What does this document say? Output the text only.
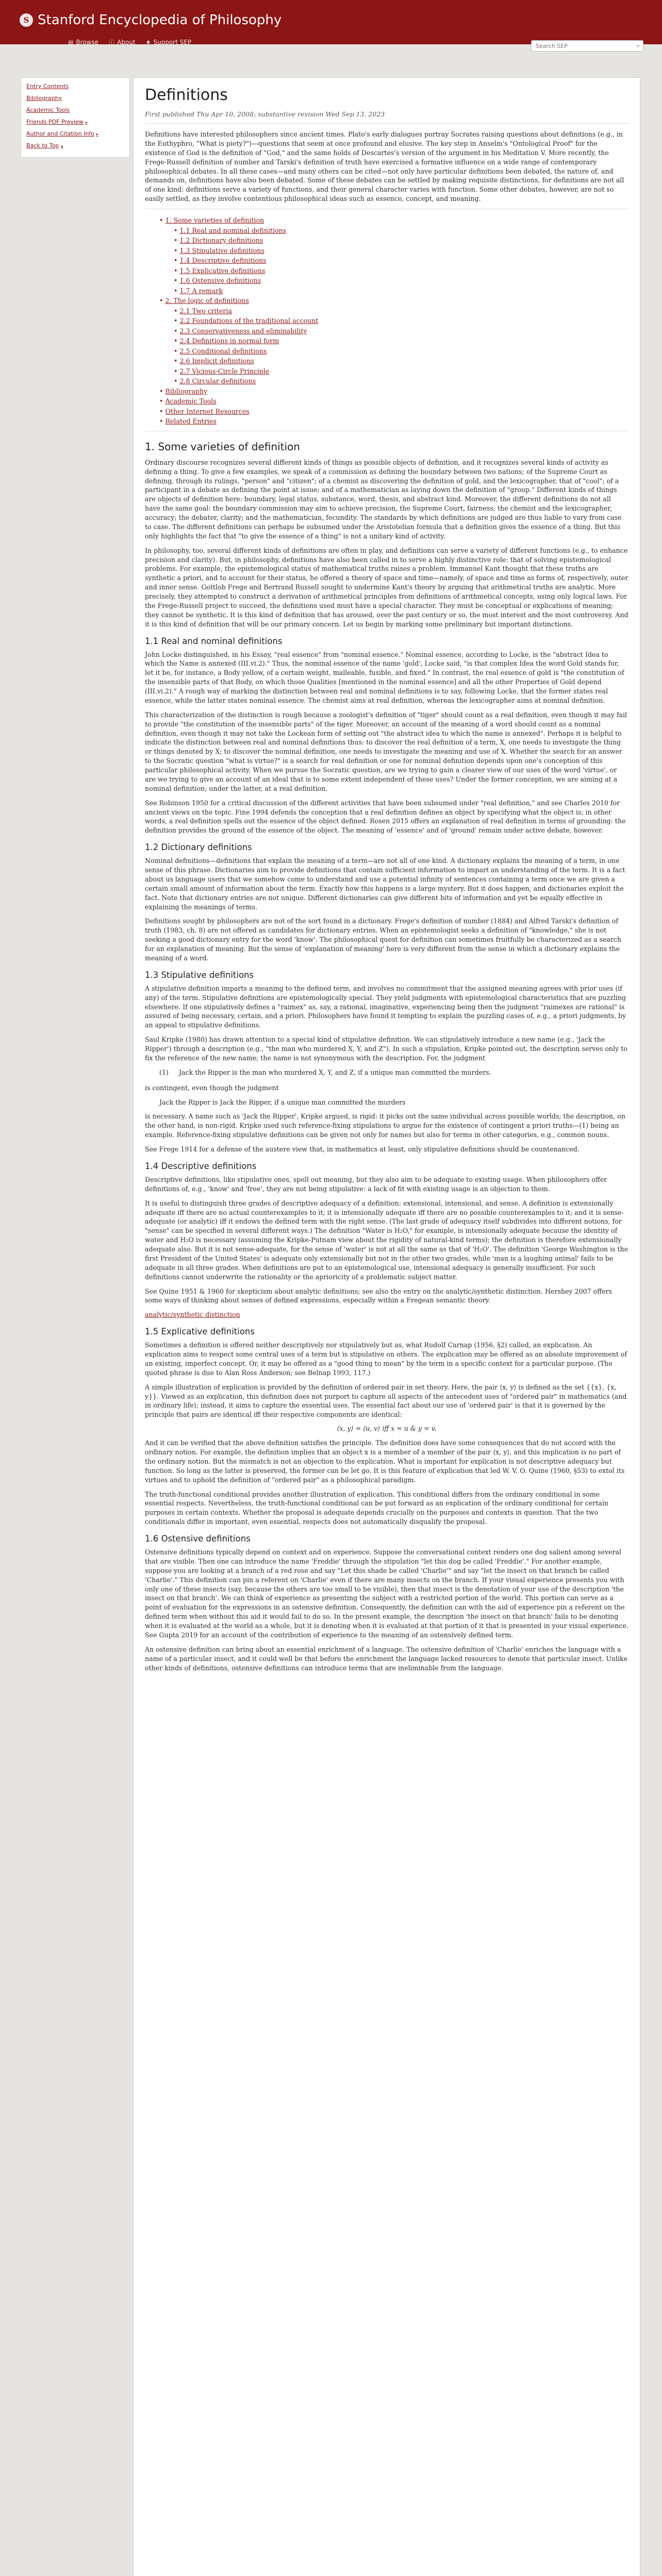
S Stanford Encyclopedia of Philosophy
▤ Browse ⓘ About ♦ Support SEP
Search SEP	⌕
Entry Contents
Bibliography
Academic Tools
Friends PDF Preview ▸
Author and Citation Info ▸
Back to Top ▴
Definitions
First published Thu Apr 10, 2008; substantive revision Wed Sep 13, 2023

Definitions have interested philosophers since ancient times. Plato's early dialogues portray Socrates raising questions about definitions (e.g., in the Euthyphro, "What is piety?")—questions that seem at once profound and elusive. The key step in Anselm's "Ontological Proof" for the existence of God is the definition of "God," and the same holds of Descartes's version of the argument in his Meditation V. More recently, the Frege-Russell definition of number and Tarski's definition of truth have exercised a formative influence on a wide range of contemporary philosophical debates. In all these cases—and many others can be cited—not only have particular definitions been debated, the nature of, and demands on, definitions have also been debated. Some of these debates can be settled by making requisite distinctions, for definitions are not all of one kind: definitions serve a variety of functions, and their general character varies with function. Some other debates, however, are not so easily settled, as they involve contentious philosophical ideas such as essence, concept, and meaning.

• 1. Some varieties of definition
• 1.1 Real and nominal definitions
• 1.2 Dictionary definitions
• 1.3 Stipulative definitions
• 1.4 Descriptive definitions
• 1.5 Explicative definitions
• 1.6 Ostensive definitions
• 1.7 A remark
• 2. The logic of definitions
• 2.1 Two criteria
• 2.2 Foundations of the traditional account
• 2.3 Conservativeness and eliminability
• 2.4 Definitions in normal form
• 2.5 Conditional definitions
• 2.6 Implicit definitions
• 2.7 Vicious-Circle Principle
• 2.8 Circular definitions
• Bibliography
• Academic Tools
• Other Internet Resources
• Related Entries
1. Some varieties of definition

Ordinary discourse recognizes several different kinds of things as possible objects of definition, and it recognizes several kinds of activity as defining a thing. To give a few examples, we speak of a commission as defining the boundary between two nations; of the Supreme Court as defining, through its rulings, "person" and "citizen"; of a chemist as discovering the definition of gold, and the lexicographer, that of "cool"; of a participant in a debate as defining the point at issue; and of a mathematician as laying down the definition of "group." Different kinds of things are objects of definition here: boundary, legal status, substance, word, thesis, and abstract kind. Moreover, the different definitions do not all have the same goal: the boundary commission may aim to achieve precision, the Supreme Court, fairness; the chemist and the lexicographer, accuracy; the debater, clarity; and the mathematician, fecundity. The standards by which definitions are judged are thus liable to vary from case to case. The different definitions can perhaps be subsumed under the Aristotelian formula that a definition gives the essence of a thing. But this only highlights the fact that "to give the essence of a thing" is not a unitary kind of activity.

In philosophy, too, several different kinds of definitions are often in play, and definitions can serve a variety of different functions (e.g., to enhance precision and clarity). But, in philosophy, definitions have also been called in to serve a highly distinctive role: that of solving epistemological problems. For example, the epistemological status of mathematical truths raises a problem. Immanuel Kant thought that these truths are synthetic a priori, and to account for their status, he offered a theory of space and time—namely, of space and time as forms of, respectively, outer and inner sense. Gottlob Frege and Bertrand Russell sought to undermine Kant's theory by arguing that arithmetical truths are analytic. More precisely, they attempted to construct a derivation of arithmetical principles from definitions of arithmetical concepts, using only logical laws. For the Frege-Russell project to succeed, the definitions used must have a special character. They must be conceptual or explications of meaning; they cannot be synthetic. It is this kind of definition that has aroused, over the past century or so, the most interest and the most controversy. And it is this kind of definition that will be our primary concern. Let us begin by marking some preliminary but important distinctions.

1.1 Real and nominal definitions

John Locke distinguished, in his Essay, "real essence" from "nominal essence." Nominal essence, according to Locke, is the "abstract Idea to which the Name is annexed (III.vi.2)." Thus, the nominal essence of the name 'gold', Locke said, "is that complex Idea the word Gold stands for, let it be, for instance, a Body yellow, of a certain weight, malleable, fusible, and fixed." In contrast, the real essence of gold is "the constitution of the insensible parts of that Body, on which those Qualities [mentioned in the nominal essence] and all the other Properties of Gold depend (III.vi.2)." A rough way of marking the distinction between real and nominal definitions is to say, following Locke, that the former states real essence, while the latter states nominal essence. The chemist aims at real definition, whereas the lexicographer aims at nominal definition.

This characterization of the distinction is rough because a zoologist's definition of "tiger" should count as a real definition, even though it may fail to provide "the constitution of the insensible parts" of the tiger. Moreover, an account of the meaning of a word should count as a nominal definition, even though it may not take the Lockean form of setting out "the abstract idea to which the name is annexed". Perhaps it is helpful to indicate the distinction between real and nominal definitions thus: to discover the real definition of a term, X, one needs to investigate the thing or things denoted by X; to discover the nominal definition, one needs to investigate the meaning and use of X. Whether the search for an answer to the Socratic question "what is virtue?" is a search for real definition or one for nominal definition depends upon one's conception of this particular philosophical activity. When we pursue the Socratic question, are we trying to gain a clearer view of our uses of the word 'virtue', or are we trying to give an account of an ideal that is to some extent independent of these uses? Under the former conception, we are aiming at a nominal definition; under the latter, at a real definition.

See Robinson 1950 for a critical discussion of the different activities that have been subsumed under "real definition," and see Charles 2010 for ancient views on the topic. Fine 1994 defends the conception that a real definition defines an object by specifying what the object is; in other words, a real definition spells out the essence of the object defined. Rosen 2015 offers an explanation of real definition in terms of grounding: the definition provides the ground of the essence of the object. The meaning of 'essence' and of 'ground' remain under active debate, however.

1.2 Dictionary definitions

Nominal definitions—definitions that explain the meaning of a term—are not all of one kind. A dictionary explains the meaning of a term, in one sense of this phrase. Dictionaries aim to provide definitions that contain sufficient information to impart an understanding of the term. It is a fact about us language users that we somehow come to understand and use a potential infinity of sentences containing a term once we are given a certain small amount of information about the term. Exactly how this happens is a large mystery. But it does happen, and dictionaries exploit the fact. Note that dictionary entries are not unique. Different dictionaries can give different bits of information and yet be equally effective in explaining the meanings of terms.

Definitions sought by philosophers are not of the sort found in a dictionary. Frege's definition of number (1884) and Alfred Tarski's definition of truth (1983, ch. 8) are not offered as candidates for dictionary entries. When an epistemologist seeks a definition of "knowledge," she is not seeking a good dictionary entry for the word 'know'. The philosophical quest for definition can sometimes fruitfully be characterized as a search for an explanation of meaning. But the sense of 'explanation of meaning' here is very different from the sense in which a dictionary explains the meaning of a word.

1.3 Stipulative definitions

A stipulative definition imparts a meaning to the defined term, and involves no commitment that the assigned meaning agrees with prior uses (if any) of the term. Stipulative definitions are epistemologically special. They yield judgments with epistemological characteristics that are puzzling elsewhere. If one stipulatively defines a "raimex" as, say, a rational, imaginative, experiencing being then the judgment "raimexes are rational" is assured of being necessary, certain, and a priori. Philosophers have found it tempting to explain the puzzling cases of, e.g., a priori judgments, by an appeal to stipulative definitions.

Saul Kripke (1980) has drawn attention to a special kind of stipulative definition. We can stipulatively introduce a new name (e.g., 'Jack the Ripper') through a description (e.g., "the man who murdered X, Y, and Z"). In such a stipulation, Kripke pointed out, the description serves only to fix the reference of the new name; the name is not synonymous with the description. For, the judgment

(1) Jack the Ripper is the man who murdered X, Y, and Z, if a unique man committed the murders.

is contingent, even though the judgment

Jack the Ripper is Jack the Ripper, if a unique man committed the murders

is necessary. A name such as 'Jack the Ripper', Kripke argued, is rigid: it picks out the same individual across possible worlds; the description, on the other hand, is non-rigid. Kripke used such reference-fixing stipulations to argue for the existence of contingent a priori truths—(1) being an example. Reference-fixing stipulative definitions can be given not only for names but also for terms in other categories, e.g., common nouns.

See Frege 1914 for a defense of the austere view that, in mathematics at least, only stipulative definitions should be countenanced.

1.4 Descriptive definitions

Descriptive definitions, like stipulative ones, spell out meaning, but they also aim to be adequate to existing usage. When philosophers offer definitions of, e.g., 'know' and 'free', they are not being stipulative: a lack of fit with existing usage is an objection to them.

It is useful to distinguish three grades of descriptive adequacy of a definition: extensional, intensional, and sense. A definition is extensionally adequate iff there are no actual counterexamples to it; it is intensionally adequate iff there are no possible counterexamples to it; and it is sense-adequate (or analytic) iff it endows the defined term with the right sense. (The last grade of adequacy itself subdivides into different notions, for "sense" can be specified in several different ways.) The definition "Water is H₂O," for example, is intensionally adequate because the identity of water and H₂O is necessary (assuming the Kripke-Putnam view about the rigidity of natural-kind terms); the definition is therefore extensionally adequate also. But it is not sense-adequate, for the sense of 'water' is not at all the same as that of 'H₂O'. The definition 'George Washington is the first President of the United States' is adequate only extensionally but not in the other two grades, while 'man is a laughing animal' fails to be adequate in all three grades. When definitions are put to an epistemological use, intensional adequacy is generally insufficient. For such definitions cannot underwrite the rationality or the aprioricity of a problematic subject matter.

See Quine 1951 & 1960 for skepticism about analytic definitions; see also the entry on the analytic/synthetic distinction. Hershey 2007 offers some ways of thinking about senses of defined expressions, especially within a Fregean semantic theory.

analytic/synthetic distinction

1.5 Explicative definitions

Sometimes a definition is offered neither descriptively nor stipulatively but as, what Rudolf Carnap (1956, §2) called, an explication. An explication aims to respect some central uses of a term but is stipulative on others. The explication may be offered as an absolute improvement of an existing, imperfect concept. Or, it may be offered as a "good thing to mean" by the term in a specific context for a particular purpose. (The quoted phrase is due to Alan Ross Anderson; see Belnap 1993, 117.)

A simple illustration of explication is provided by the definition of ordered pair in set theory. Here, the pair ⟨x, y⟩ is defined as the set {{x}, {x, y}}. Viewed as an explication, this definition does not purport to capture all aspects of the antecedent uses of "ordered pair" in mathematics (and in ordinary life); instead, it aims to capture the essential uses. The essential fact about our use of 'ordered pair' is that it is governed by the principle that pairs are identical iff their respective components are identical:

⟨x, y⟩ = ⟨u, v⟩ iff x = u & y = v.

And it can be verified that the above definition satisfies the principle. The definition does have some consequences that do not accord with the ordinary notion. For example, the definition implies that an object x is a member of a member of the pair ⟨x, y⟩, and this implication is no part of the ordinary notion. But the mismatch is not an objection to the explication. What is important for explication is not descriptive adequacy but function. So long as the latter is preserved, the former can be let go. It is this feature of explication that led W. V. O. Quine (1960, §53) to extol its virtues and to uphold the definition of "ordered pair" as a philosophical paradigm.

The truth-functional conditional provides another illustration of explication. This conditional differs from the ordinary conditional in some essential respects. Nevertheless, the truth-functional conditional can be put forward as an explication of the ordinary conditional for certain purposes in certain contexts. Whether the proposal is adequate depends crucially on the purposes and contexts in question. That the two conditionals differ in important, even essential, respects does not automatically disqualify the proposal.

1.6 Ostensive definitions

Ostensive definitions typically depend on context and on experience. Suppose the conversational context renders one dog salient among several that are visible. Then one can introduce the name 'Freddie' through the stipulation "let this dog be called 'Freddie'." For another example, suppose you are looking at a branch of a red rose and say "Let this shade be called 'Charlie'" and say "let the insect on that branch be called 'Charlie'." This definition can pin a referent on 'Charlie' even if there are many insects on the branch. If your visual experience presents you with only one of these insects (say, because the others are too small to be visible), then that insect is the denotation of your use of the description 'the insect on that branch'. We can think of experience as presenting the subject with a restricted portion of the world. This portion can serve as a point of evaluation for the expressions in an ostensive definition. Consequently, the definition can with the aid of experience pin a referent on the defined term when without this aid it would fail to do so. In the present example, the description 'the insect on that branch' fails to be denoting when it is evaluated at the world as a whole, but it is denoting when it is evaluated at that portion of it that is presented in your visual experience. See Gupta 2019 for an account of the contribution of experience to the meaning of an ostensively defined term.

An ostensive definition can bring about an essential enrichment of a language. The ostensive definition of 'Charlie' enriches the language with a name of a particular insect, and it could well be that before the enrichment the language lacked resources to denote that particular insect. Unlike other kinds of definitions, ostensive definitions can introduce terms that are ineliminable from the language.
